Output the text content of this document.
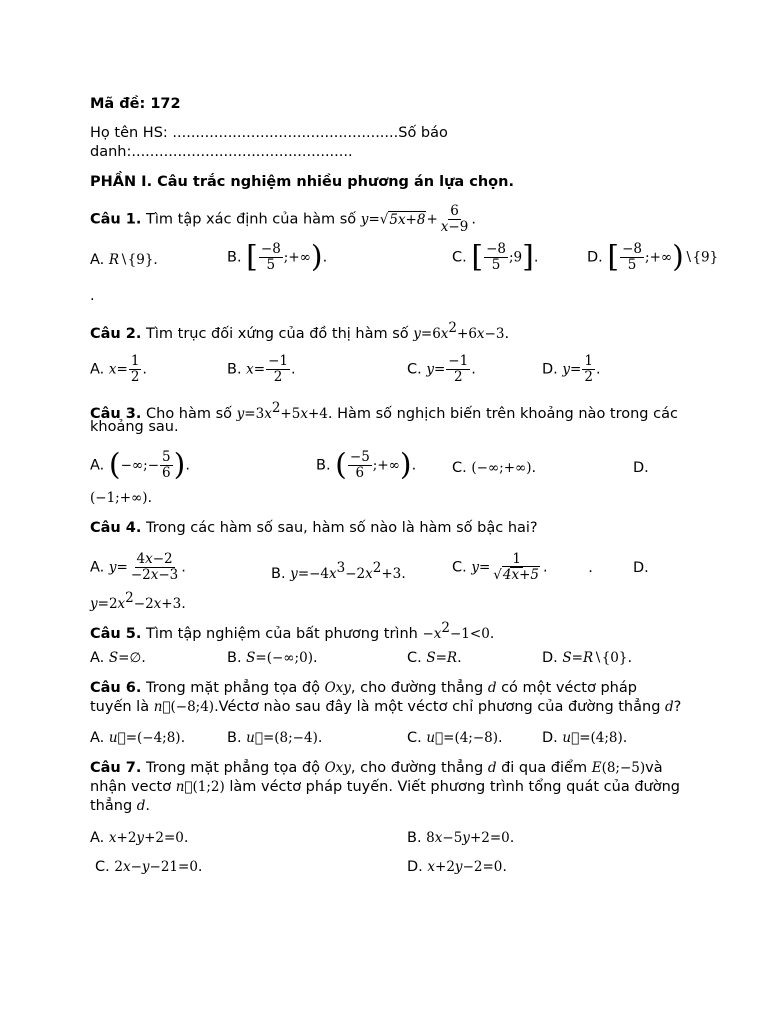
Mã đề: 172
Họ tên HS: .................................................Số báo
danh:................................................
PHẦN I. Câu trắc nghiệm nhiều phương án lựa chọn.
Câu 1. Tìm tập xác định của hàm số $y=√5x+8+ \frac{6}{x-9}$ .
A. R∖{9}.	B. [ $\frac{-8}{5}$ ;+∞).	C. [ $\frac{-8}{5}$ ;9].	D. [ $\frac{-8}{5}$ ;+∞)∖{9}
.
Câu 2. Tìm trục đối xứng của đồ thị hàm số $y=6x^2+6x-3$.
A. $x= \frac{1}{2}$ .	B. $x= \frac{-1}{2}$ .	C. $y= \frac{-1}{2}$ .	D. $y= \frac{1}{2}$ .
Câu 3. Cho hàm số $y=3x^2+5x+4$. Hàm số nghịch biến trên khoảng nào trong các
khoảng sau.
A. (−∞;− $\frac{5}{6}$ ).	B. ( $\frac{-5}{6}$ ;+∞). C. (−∞;+∞).	D.
(−1;+∞).
Câu 4. Trong các hàm số sau, hàm số nào là hàm số bậc hai?
A. $y= \frac{4x-2}{-2x-3}$ .	B. $y=-4x^3-2x^2+3$.	C. $y= \frac{1}{√4x+5}$ . .	D.
$y=2x^2-2x+3$.
Câu 5. Tìm tập nghiệm của bất phương trình $-x^2-1<0$.
A. S=∅.	B. S=(−∞;0).	C. S=R.	D. S=R∖{0}.
Câu 6. Trong mặt phẳng tọa độ Oxy, cho đường thẳng d có một véctơ pháp
tuyến là n⃗(−8;4).Véctơ nào sau đây là một véctơ chỉ phương của đường thẳng d?
A. u⃗=(−4;8).	B. u⃗=(8;−4).	C. u⃗=(4;−8).	D. u⃗=(4;8).
Câu 7. Trong mặt phẳng tọa độ Oxy, cho đường thẳng d đi qua điểm E(8;−5)và
nhận vectơ n⃗(1;2) làm véctơ pháp tuyến. Viết phương trình tổng quát của đường
thẳng d.
A. x+2y+2=0.	B. 8x−5y+2=0.
C. 2x−y−21=0.	D. x+2y−2=0.
